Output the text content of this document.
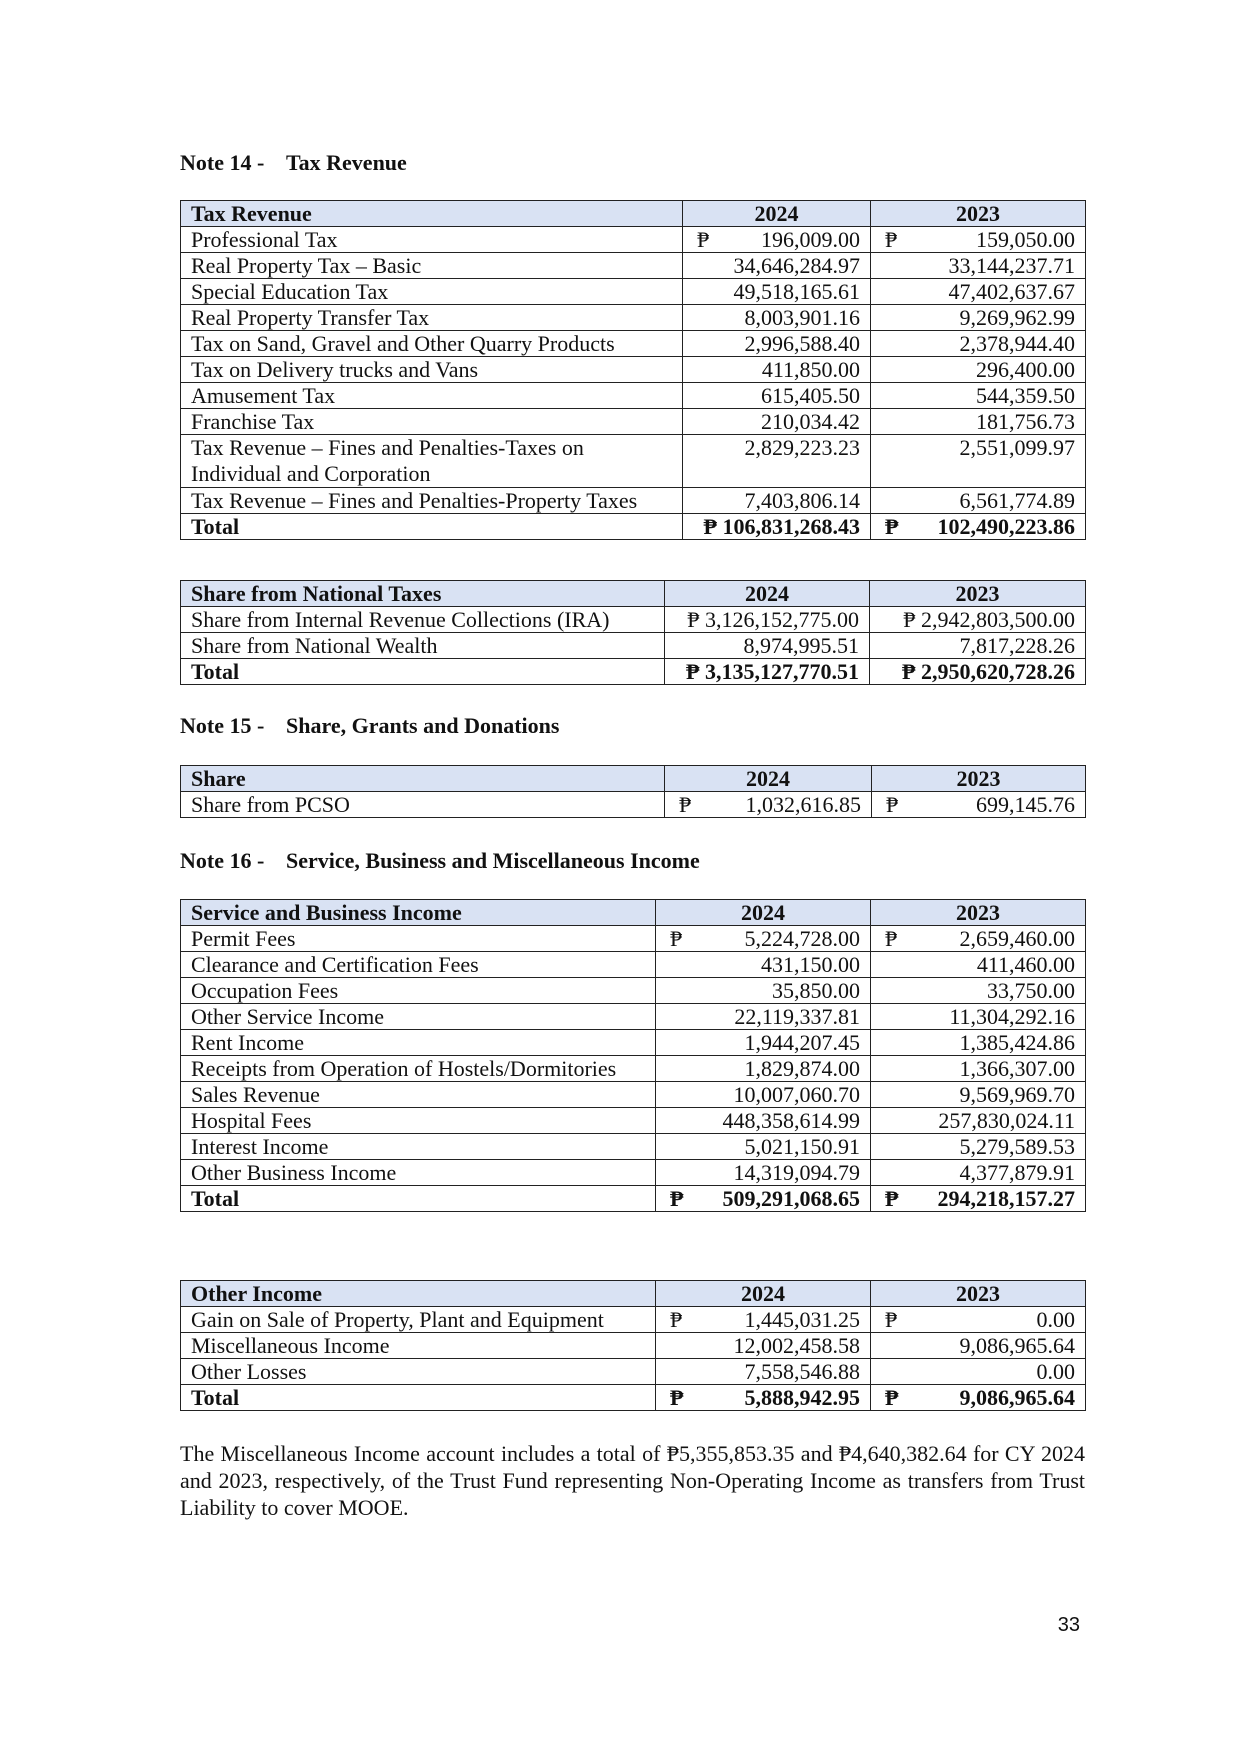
Note 14 - Tax Revenue
Tax Revenue	2024	2023
Professional Tax	₱ 196,009.00	₱ 159,050.00
Real Property Tax – Basic	34,646,284.97	33,144,237.71
Special Education Tax	49,518,165.61	47,402,637.67
Real Property Transfer Tax	8,003,901.16	9,269,962.99
Tax on Sand, Gravel and Other Quarry Products	2,996,588.40	2,378,944.40
Tax on Delivery trucks and Vans	411,850.00	296,400.00
Amusement Tax	615,405.50	544,359.50
Franchise Tax	210,034.42	181,756.73
Tax Revenue – Fines and Penalties-Taxes on Individual and Corporation	2,829,223.23	2,551,099.97
Tax Revenue – Fines and Penalties-Property Taxes	7,403,806.14	6,561,774.89
Total	₱ 106,831,268.43	₱ 102,490,223.86
Share from National Taxes	2024	2023
Share from Internal Revenue Collections (IRA)	₱ 3,126,152,775.00	₱ 2,942,803,500.00
Share from National Wealth	8,974,995.51	7,817,228.26
Total	₱ 3,135,127,770.51	₱ 2,950,620,728.26
Note 15 - Share, Grants and Donations
Share	2024	2023
Share from PCSO	₱ 1,032,616.85	₱ 699,145.76
Note 16 - Service, Business and Miscellaneous Income
Service and Business Income	2024	2023
Permit Fees	₱ 5,224,728.00	₱ 2,659,460.00
Clearance and Certification Fees	431,150.00	411,460.00
Occupation Fees	35,850.00	33,750.00
Other Service Income	22,119,337.81	11,304,292.16
Rent Income	1,944,207.45	1,385,424.86
Receipts from Operation of Hostels/Dormitories	1,829,874.00	1,366,307.00
Sales Revenue	10,007,060.70	9,569,969.70
Hospital Fees	448,358,614.99	257,830,024.11
Interest Income	5,021,150.91	5,279,589.53
Other Business Income	14,319,094.79	4,377,879.91
Total	₱ 509,291,068.65	₱ 294,218,157.27
Other Income	2024	2023
Gain on Sale of Property, Plant and Equipment	₱ 1,445,031.25	₱ 0.00
Miscellaneous Income	12,002,458.58	9,086,965.64
Other Losses	7,558,546.88	0.00
Total	₱ 5,888,942.95	₱ 9,086,965.64
The Miscellaneous Income account includes a total of ₱5,355,853.35 and ₱4,640,382.64 for CY 2024 and 2023, respectively, of the Trust Fund representing Non-Operating Income as transfers from Trust Liability to cover MOOE.
33
